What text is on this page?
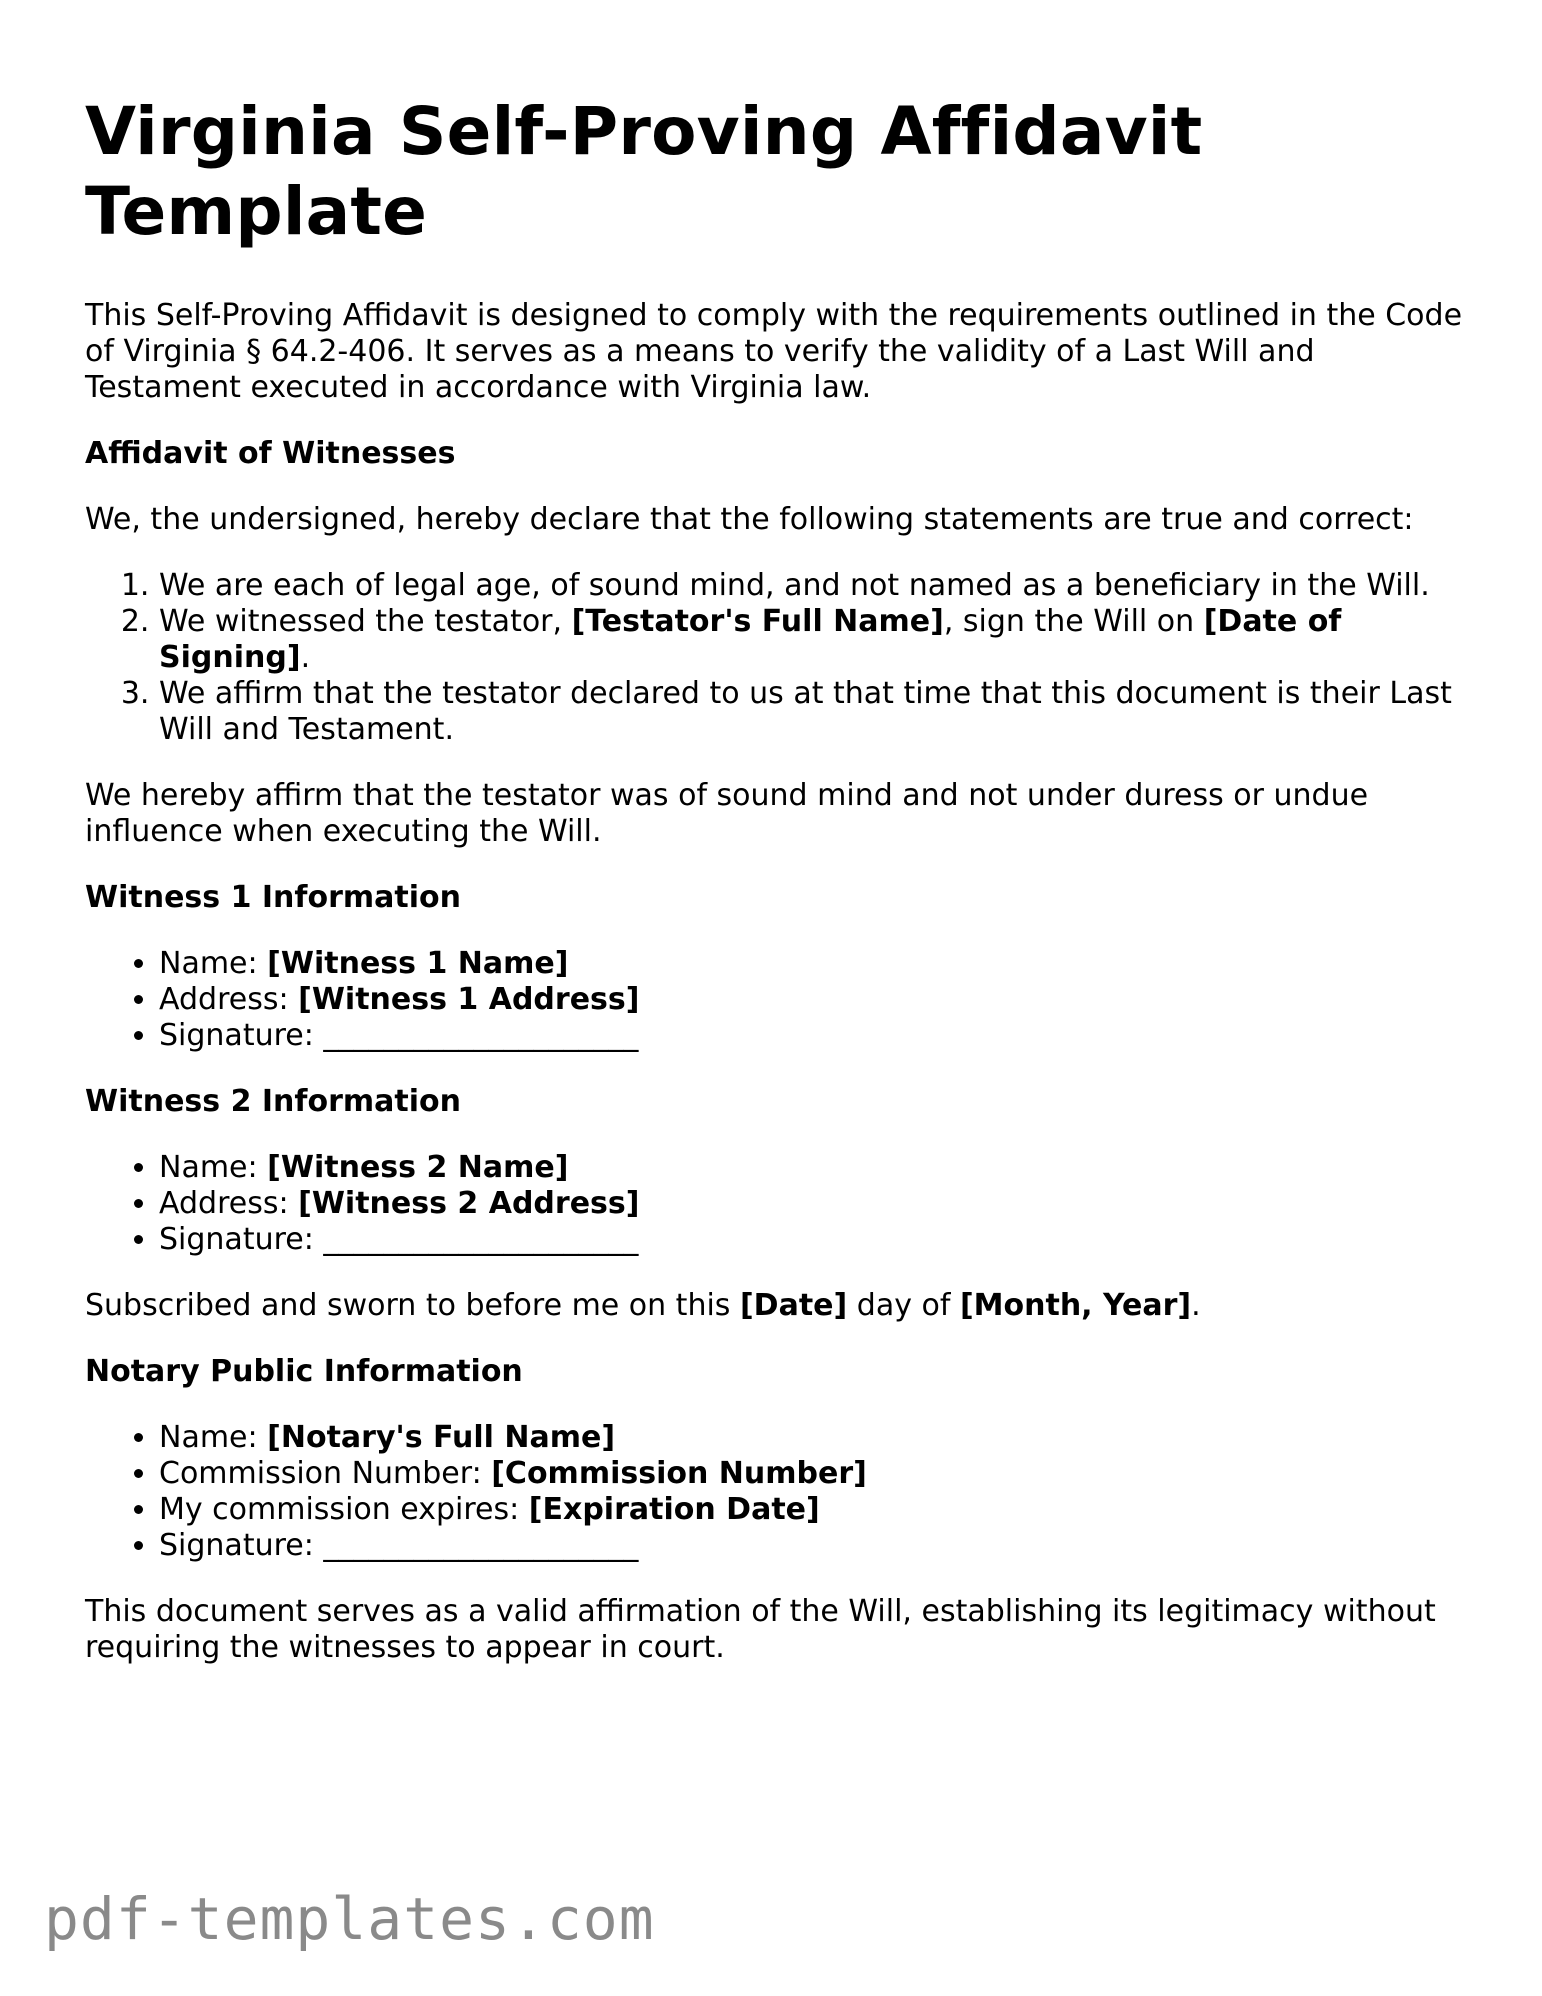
Virginia Self-Proving Affidavit Template

This Self-Proving Affidavit is designed to comply with the requirements outlined in the Code of Virginia § 64.2-406. It serves as a means to verify the validity of a Last Will and Testament executed in accordance with Virginia law.

Affidavit of Witnesses

We, the undersigned, hereby declare that the following statements are true and correct:

1. We are each of legal age, of sound mind, and not named as a beneficiary in the Will.
2. We witnessed the testator, [Testator's Full Name], sign the Will on [Date of Signing].
3. We affirm that the testator declared to us at that time that this document is their Last Will and Testament.

We hereby affirm that the testator was of sound mind and not under duress or undue influence when executing the Will.

Witness 1 Information
• Name: [Witness 1 Name]
• Address: [Witness 1 Address]
• Signature: _____________________
Witness 2 Information
• Name: [Witness 2 Name]
• Address: [Witness 2 Address]
• Signature: _____________________

Subscribed and sworn to before me on this [Date] day of [Month, Year].

Notary Public Information
• Name: [Notary's Full Name]
• Commission Number: [Commission Number]
• My commission expires: [Expiration Date]
• Signature: _____________________

This document serves as a valid affirmation of the Will, establishing its legitimacy without requiring the witnesses to appear in court.

pdf-templates.com
